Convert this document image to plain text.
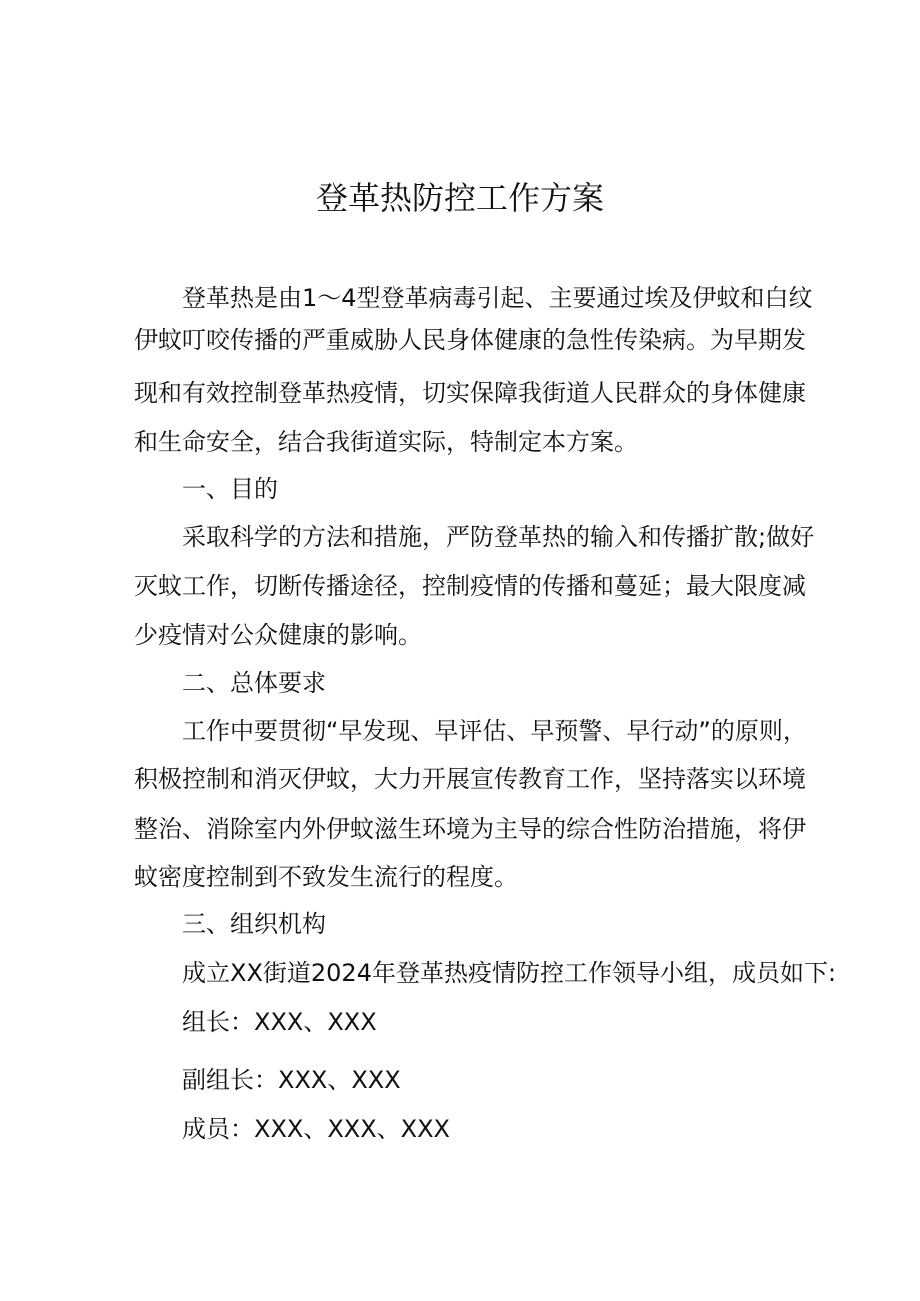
登革热防控工作方案

登革热是由1～4型登革病毒引起、主要通过埃及伊蚊和白纹

伊蚊叮咬传播的严重威胁人民身体健康的急性传染病。为早期发

现和有效控制登革热疫情，切实保障我街道人民群众的身体健康

和生命安全，结合我街道实际，特制定本方案。

一、目的

采取科学的方法和措施，严防登革热的输入和传播扩散;做好

灭蚊工作，切断传播途径，控制疫情的传播和蔓延；最大限度减

少疫情对公众健康的影响。

二、总体要求

工作中要贯彻“早发现、早评估、早预警、早行动”的原则，

积极控制和消灭伊蚊，大力开展宣传教育工作，坚持落实以环境

整治、消除室内外伊蚊滋生环境为主导的综合性防治措施，将伊

蚊密度控制到不致发生流行的程度。

三、组织机构

成立XX街道2024年登革热疫情防控工作领导小组，成员如下:

组长：XXX、XXX

副组长：XXX、XXX

成员：XXX、XXX、XXX
